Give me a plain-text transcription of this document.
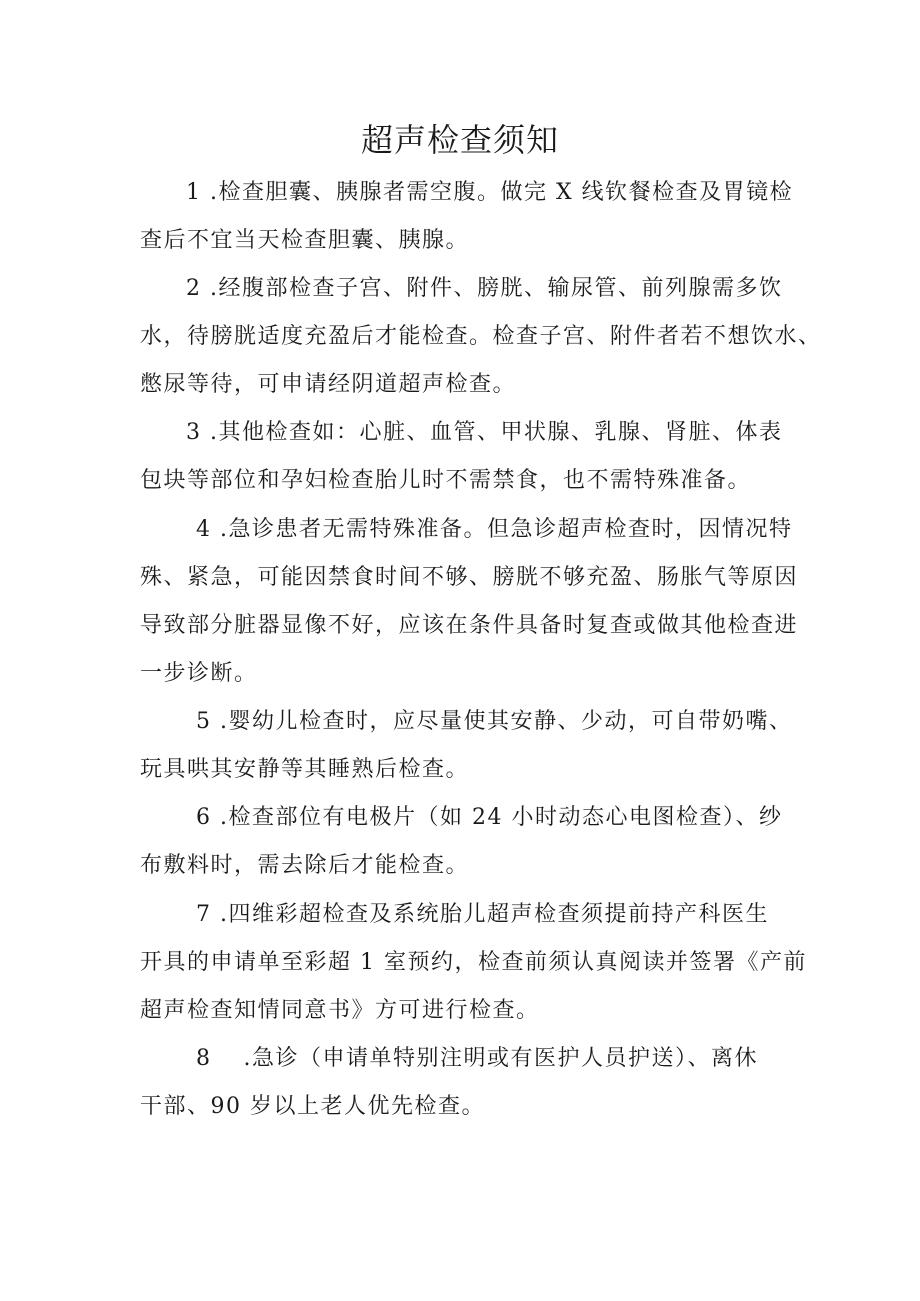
超声检查须知

1 .检查胆囊、胰腺者需空腹。做完 X 线钦餐检查及胃镜检

查后不宜当天检查胆囊、胰腺。

2 .经腹部检查子宫、附件、膀胱、输尿管、前列腺需多饮

水，待膀胱适度充盈后才能检查。检查子宫、附件者若不想饮水、

憋尿等待，可申请经阴道超声检查。

3 .其他检查如：心脏、血管、甲状腺、乳腺、肾脏、体表

包块等部位和孕妇检查胎儿时不需禁食，也不需特殊准备。

4 .急诊患者无需特殊准备。但急诊超声检查时，因情况特

殊、紧急，可能因禁食时间不够、膀胱不够充盈、肠胀气等原因

导致部分脏器显像不好，应该在条件具备时复查或做其他检查进

一步诊断。

5 .婴幼儿检查时，应尽量使其安静、少动，可自带奶嘴、

玩具哄其安静等其睡熟后检查。

6 .检查部位有电极片（如 24 小时动态心电图检查）、纱

布敷料时，需去除后才能检查。

7 .四维彩超检查及系统胎儿超声检查须提前持产科医生

开具的申请单至彩超 1 室预约，检查前须认真阅读并签署《产前

超声检查知情同意书》方可进行检查。

8　 .急诊（申请单特别注明或有医护人员护送）、离休

干部、90 岁以上老人优先检查。
